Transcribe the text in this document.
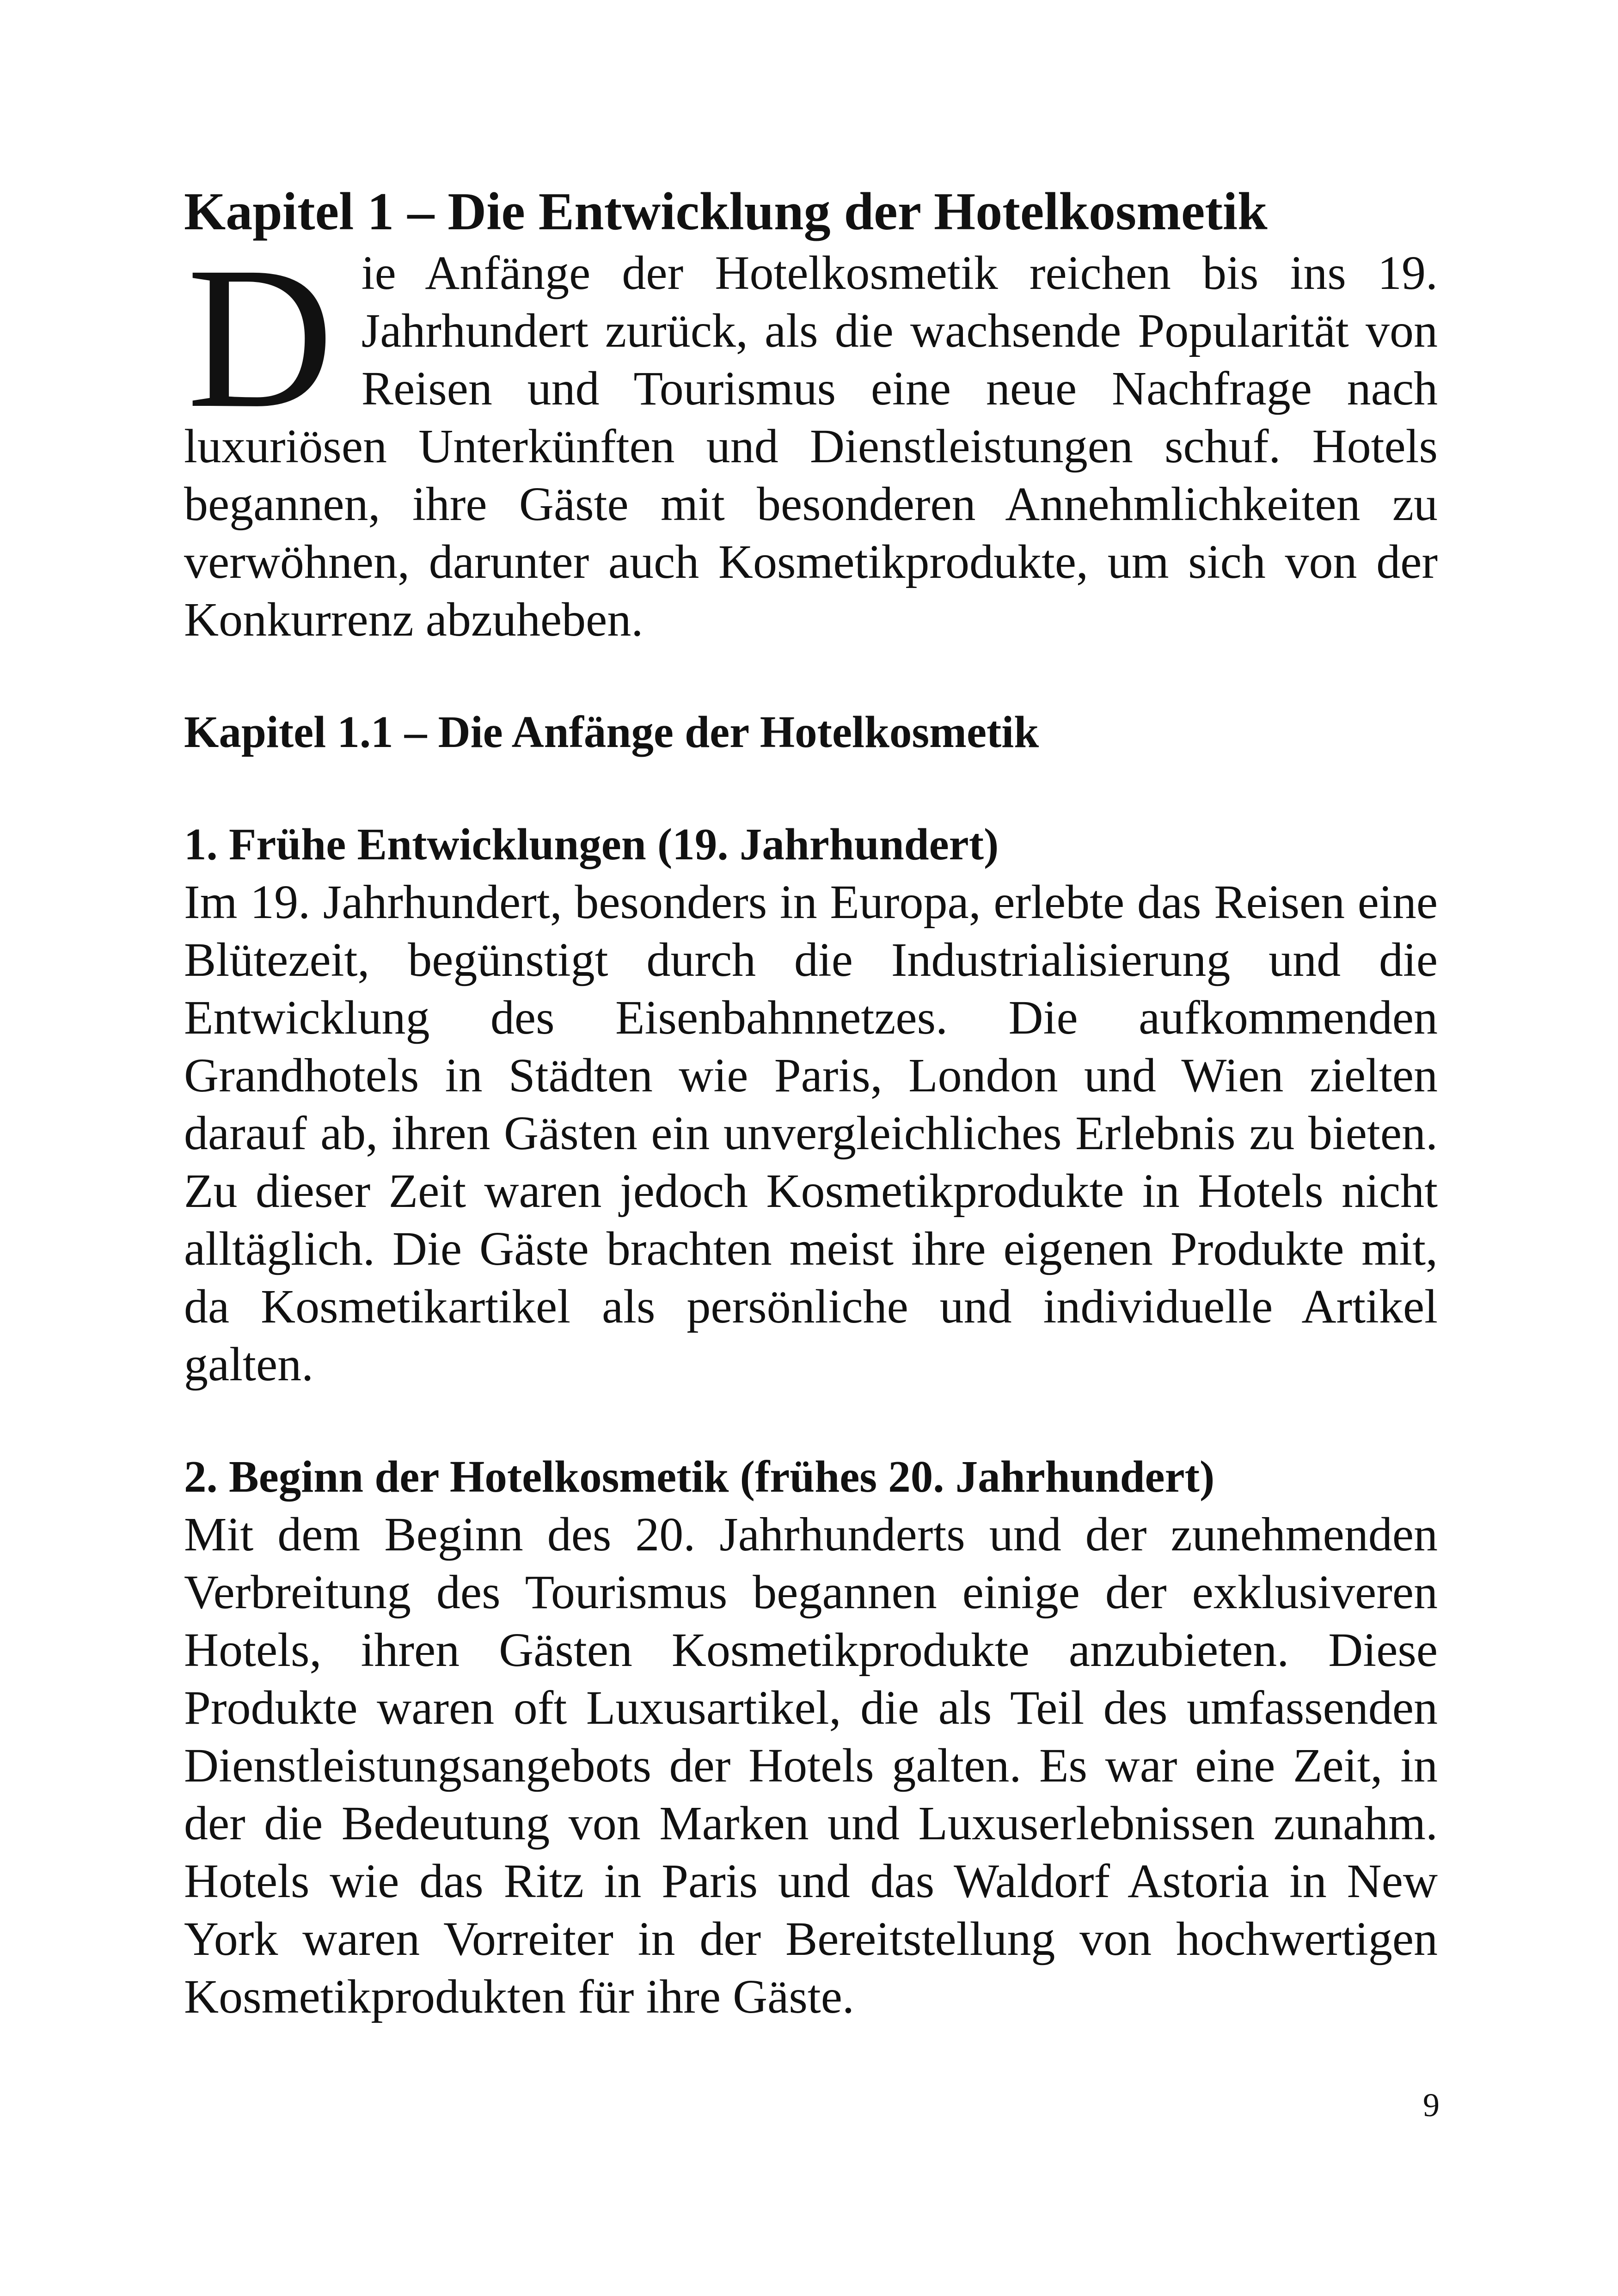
Kapitel 1 – Die Entwicklung der Hotelkosmetik
D ie Anfänge der Hotelkosmetik reichen bis ins 19. Jahrhundert zurück, als die wachsende Popularität von Reisen und Tourismus eine neue Nachfrage nach luxuriösen Unterkünften und Dienstleistungen schuf. Hotels begannen, ihre Gäste mit besonderen Annehmlichkeiten zu verwöhnen, darunter auch Kosmetikprodukte, um sich von der Konkurrenz abzuheben.

Kapitel 1.1 – Die Anfänge der Hotelkosmetik
1. Frühe Entwicklungen (19. Jahrhundert)

Im 19. Jahrhundert, besonders in Europa, erlebte das Reisen eine Blütezeit, begünstigt durch die Industrialisierung und die Entwicklung des Eisenbahnnetzes. Die aufkommenden Grandhotels in Städten wie Paris, London und Wien zielten darauf ab, ihren Gästen ein unvergleichliches Erlebnis zu bieten. Zu dieser Zeit waren jedoch Kosmetikprodukte in Hotels nicht alltäglich. Die Gäste brachten meist ihre eigenen Produkte mit, da Kosmetikartikel als persönliche und individuelle Artikel galten.

2. Beginn der Hotelkosmetik (frühes 20. Jahrhundert)

Mit dem Beginn des 20. Jahrhunderts und der zunehmenden Verbreitung des Tourismus begannen einige der exklusiveren Hotels, ihren Gästen Kosmetikprodukte anzubieten. Diese Produkte waren oft Luxusartikel, die als Teil des umfassenden Dienstleistungsangebots der Hotels galten. Es war eine Zeit, in der die Bedeutung von Marken und Luxuserlebnissen zunahm. Hotels wie das Ritz in Paris und das Waldorf Astoria in New York waren Vorreiter in der Bereitstellung von hochwertigen Kosmetikprodukten für ihre Gäste.

9
